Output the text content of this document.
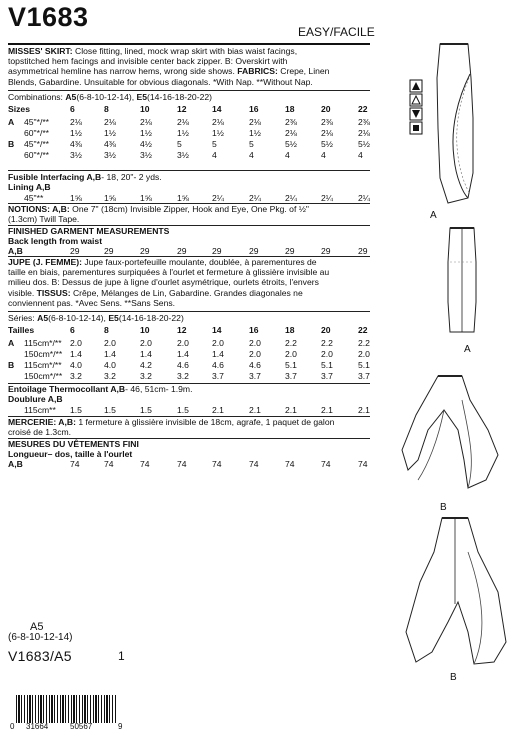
V1683	EASY/FACILE
MISSES' SKIRT: Close fitting, lined, mock wrap skirt with bias waist facings,
topstitched hem facings and invisible center back zipper. B: Overskirt with
asymmetrical hemline has narrow hems, wrong side shows. FABRICS: Crepe, Linen
Blends, Gabardine. Unsuitable for obvious diagonals. *With Nap. **Without Nap.
Combinations: A5(6-8-10-12-14), E5(14-16-18-20-22)
Sizes	6	8	10	12	14	16	18	20	22
A 45"*/** 2⅛	2⅛	2⅛	2⅛	2⅛	2⅛	2⅜	2⅜	2⅜
60"*/** 1½	1½	1½	1½	1½	1½	2⅛	2⅛	2⅛
B 45"*/** 4⅜	4⅜	4½	5	5	5	5½	5½	5½
60"*/** 3½	3½	3½	3½	4	4	4	4	4
Fusible Interfacing A,B- 18, 20"- 2 yds.
Lining A,B
45"**	1⅝	1⅝	1⅝	1⅝	2¼	2¼	2¼	2¼	2¼
NOTIONS: A,B: One 7" (18cm) Invisible Zipper, Hook and Eye, One Pkg. of ½"
(1.3cm) Twill Tape.
FINISHED GARMENT MEASUREMENTS
Back length from waist
A,B	29	29	29	29	29	29	29	29	29
JUPE (J. FEMME): Jupe faux-portefeuille moulante, doublée, à parementures de
taille en biais, parementures surpiquées à l'ourlet et fermeture à glissière invisible au
milieu dos. B: Dessus de jupe à ligne d'ourlet asymétrique, ourlets étroits, l'envers
visible. TISSUS: Crêpe, Mélanges de Lin, Gabardine. Grandes diagonales ne
conviennent pas. *Avec Sens. **Sans Sens.
Séries: A5(6-8-10-12-14), E5(14-16-18-20-22)
Tailles	6	8	10	12	14	16	18	20	22
A 115cm*/** 2.0	2.0	2.0	2.0	2.0	2.0	2.2	2.2	2.2
150cm*/** 1.4	1.4	1.4	1.4	1.4	2.0	2.0	2.0	2.0
B 115cm*/** 4.0	4.0	4.2	4.6	4.6	4.6	5.1	5.1	5.1
150cm*/** 3.2	3.2	3.2	3.2	3.7	3.7	3.7	3.7	3.7
Entoilage Thermocollant A,B- 46, 51cm- 1.9m.
Doublure A,B
115cm** 1.5	1.5	1.5	1.5	2.1	2.1	2.1	2.1	2.1
MERCERIE: A,B: 1 fermeture à glissière invisible de 18cm, agrafe, 1 paquet de galon
croisé de 1.3cm.
MESURES DU VÊTEMENTS FINI
Longueur– dos, taille à l'ourlet
A,B	74	74	74	74	74	74	74	74	74
A5
(6-8-10-12-14)
V1683/A5	1
0 31664	50567	9
A
A
B
B
